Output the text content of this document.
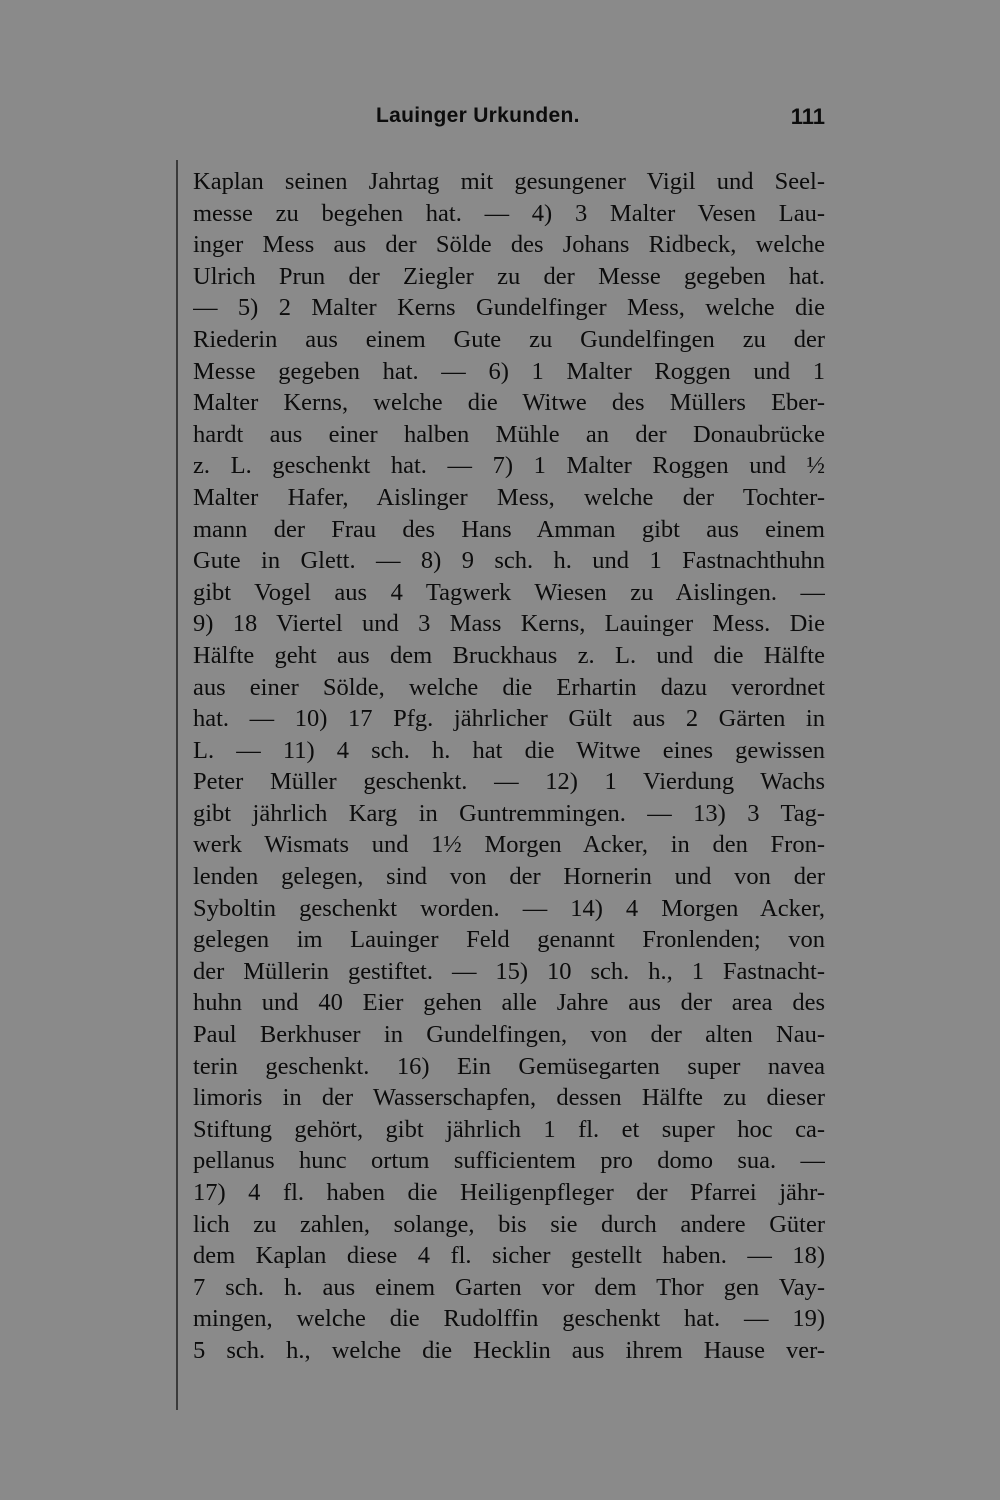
Lauinger Urkunden.	111
Kaplan seinen Jahrtag mit gesungener Vigil und Seel-
messe zu begehen hat. — 4) 3 Malter Vesen Lau-
inger Mess aus der Sölde des Johans Ridbeck, welche
Ulrich Prun der Ziegler zu der Messe gegeben hat.
— 5) 2 Malter Kerns Gundelfinger Mess, welche die
Riederin aus einem Gute zu Gundelfingen zu der
Messe gegeben hat. — 6) 1 Malter Roggen und 1
Malter Kerns, welche die Witwe des Müllers Eber-
hardt aus einer halben Mühle an der Donaubrücke
z. L. geschenkt hat. — 7) 1 Malter Roggen und ½
Malter Hafer, Aislinger Mess, welche der Tochter-
mann der Frau des Hans Amman gibt aus einem
Gute in Glett. — 8) 9 sch. h. und 1 Fastnachthuhn
gibt Vogel aus 4 Tagwerk Wiesen zu Aislingen. —
9) 18 Viertel und 3 Mass Kerns, Lauinger Mess. Die
Hälfte geht aus dem Bruckhaus z. L. und die Hälfte
aus einer Sölde, welche die Erhartin dazu verordnet
hat. — 10) 17 Pfg. jährlicher Gült aus 2 Gärten in
L. — 11) 4 sch. h. hat die Witwe eines gewissen
Peter Müller geschenkt. — 12) 1 Vierdung Wachs
gibt jährlich Karg in Guntremmingen. — 13) 3 Tag-
werk Wismats und 1½ Morgen Acker, in den Fron-
lenden gelegen, sind von der Hornerin und von der
Syboltin geschenkt worden. — 14) 4 Morgen Acker,
gelegen im Lauinger Feld genannt Fronlenden; von
der Müllerin gestiftet. — 15) 10 sch. h., 1 Fastnacht-
huhn und 40 Eier gehen alle Jahre aus der area des
Paul Berkhuser in Gundelfingen, von der alten Nau-
terin geschenkt. 16) Ein Gemüsegarten super navea
limoris in der Wasserschapfen, dessen Hälfte zu dieser
Stiftung gehört, gibt jährlich 1 fl. et super hoc ca-
pellanus hunc ortum sufficientem pro domo sua. —
17) 4 fl. haben die Heiligenpfleger der Pfarrei jähr-
lich zu zahlen, solange, bis sie durch andere Güter
dem Kaplan diese 4 fl. sicher gestellt haben. — 18)
7 sch. h. aus einem Garten vor dem Thor gen Vay-
mingen, welche die Rudolffin geschenkt hat. — 19)
5 sch. h., welche die Hecklin aus ihrem Hause ver-
